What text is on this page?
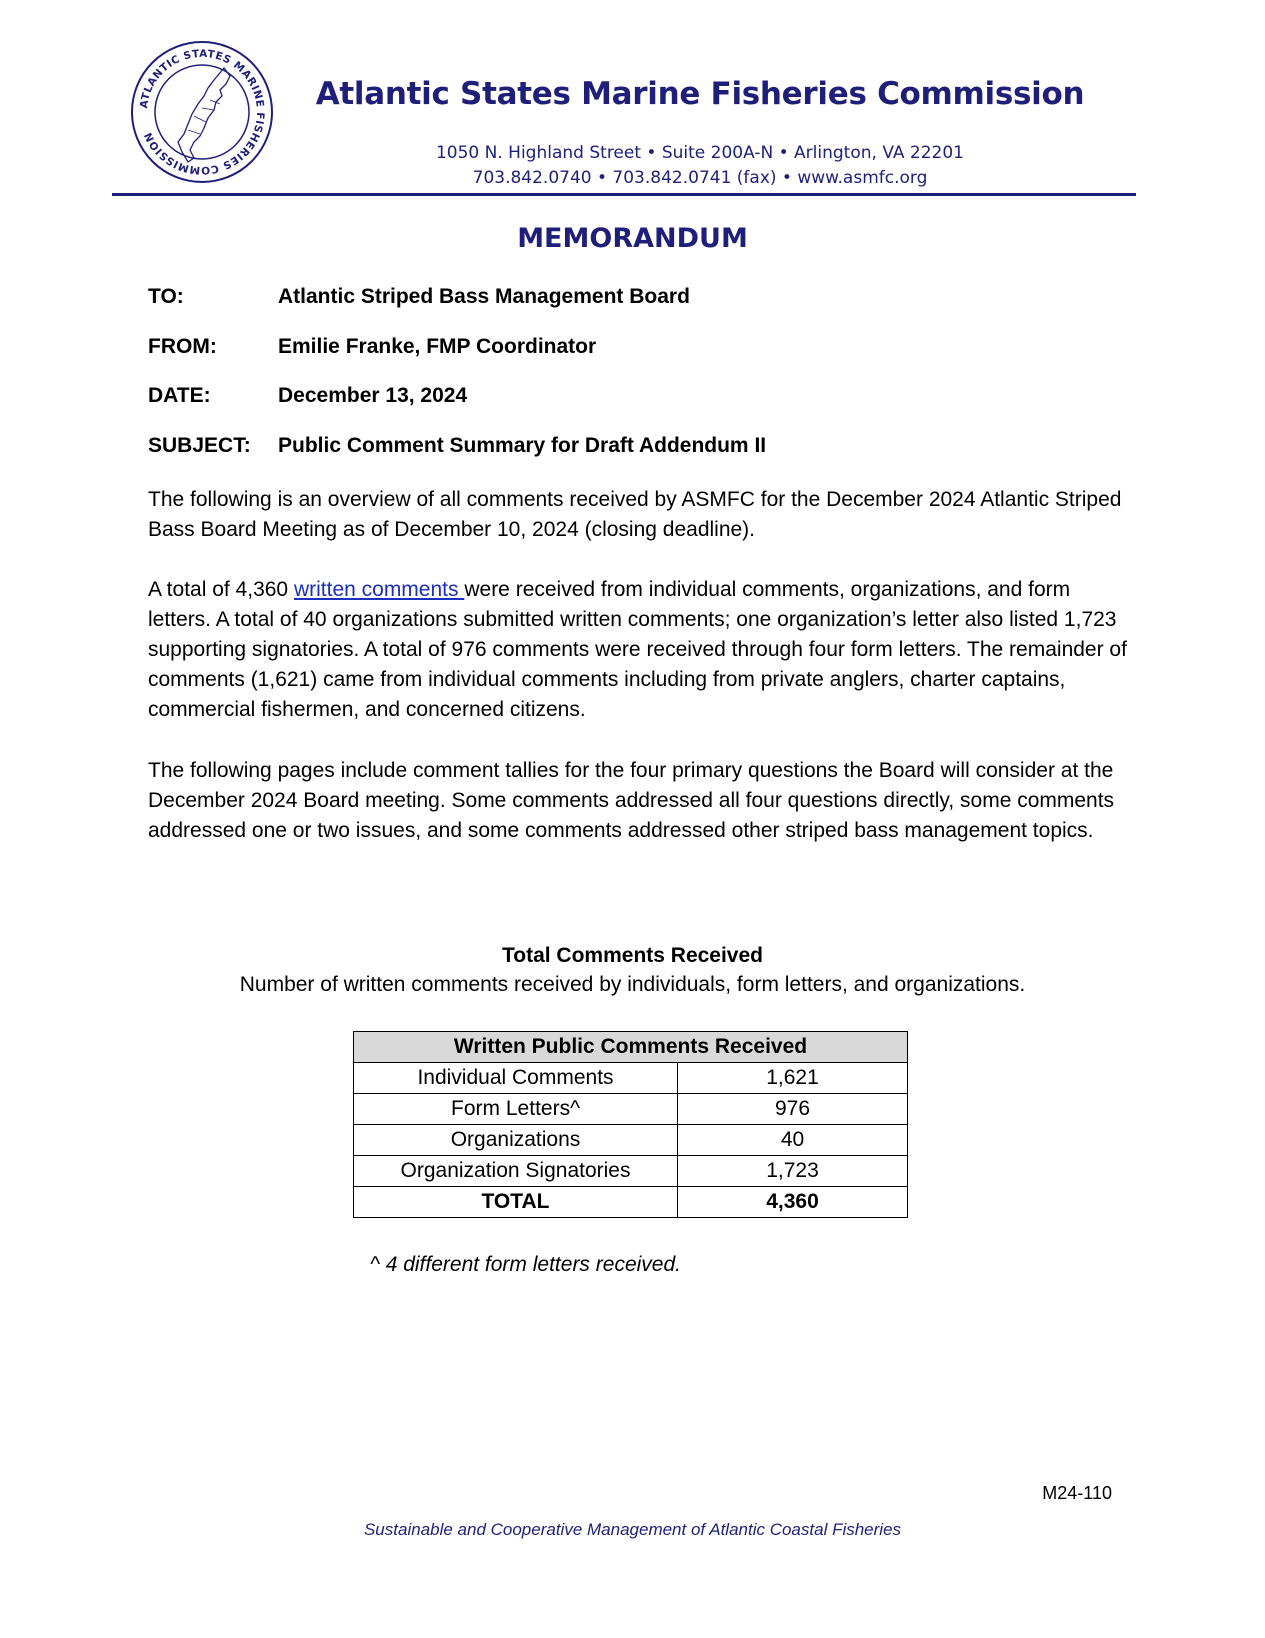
ATLANTIC STATES MARINE FISHERIES COMMISSION
Atlantic States Marine Fisheries Commission
1050 N. Highland Street • Suite 200A-N • Arlington, VA 22201
703.842.0740 • 703.842.0741 (fax) • www.asmfc.org
MEMORANDUM
TO:	Atlantic Striped Bass Management Board
FROM:	Emilie Franke, FMP Coordinator
DATE:	December 13, 2024
SUBJECT: Public Comment Summary for Draft Addendum II
The following is an overview of all comments received by ASMFC for the December 2024 Atlantic Striped Bass Board Meeting as of December 10, 2024 (closing deadline).
A total of 4,360 written comments were received from individual comments, organizations, and form letters. A total of 40 organizations submitted written comments; one organization’s letter also listed 1,723 supporting signatories. A total of 976 comments were received through four form letters. The remainder of comments (1,621) came from individual comments including from private anglers, charter captains, commercial fishermen, and concerned citizens.
The following pages include comment tallies for the four primary questions the Board will consider at the December 2024 Board meeting. Some comments addressed all four questions directly, some comments addressed one or two issues, and some comments addressed other striped bass management topics.
Total Comments Received
Number of written comments received by individuals, form letters, and organizations.
Written Public Comments Received	
Individual Comments	1,621
Form Letters^	976
Organizations	40
Organization Signatories	1,723
TOTAL	4,360
^ 4 different form letters received.
M24-110
Sustainable and Cooperative Management of Atlantic Coastal Fisheries
